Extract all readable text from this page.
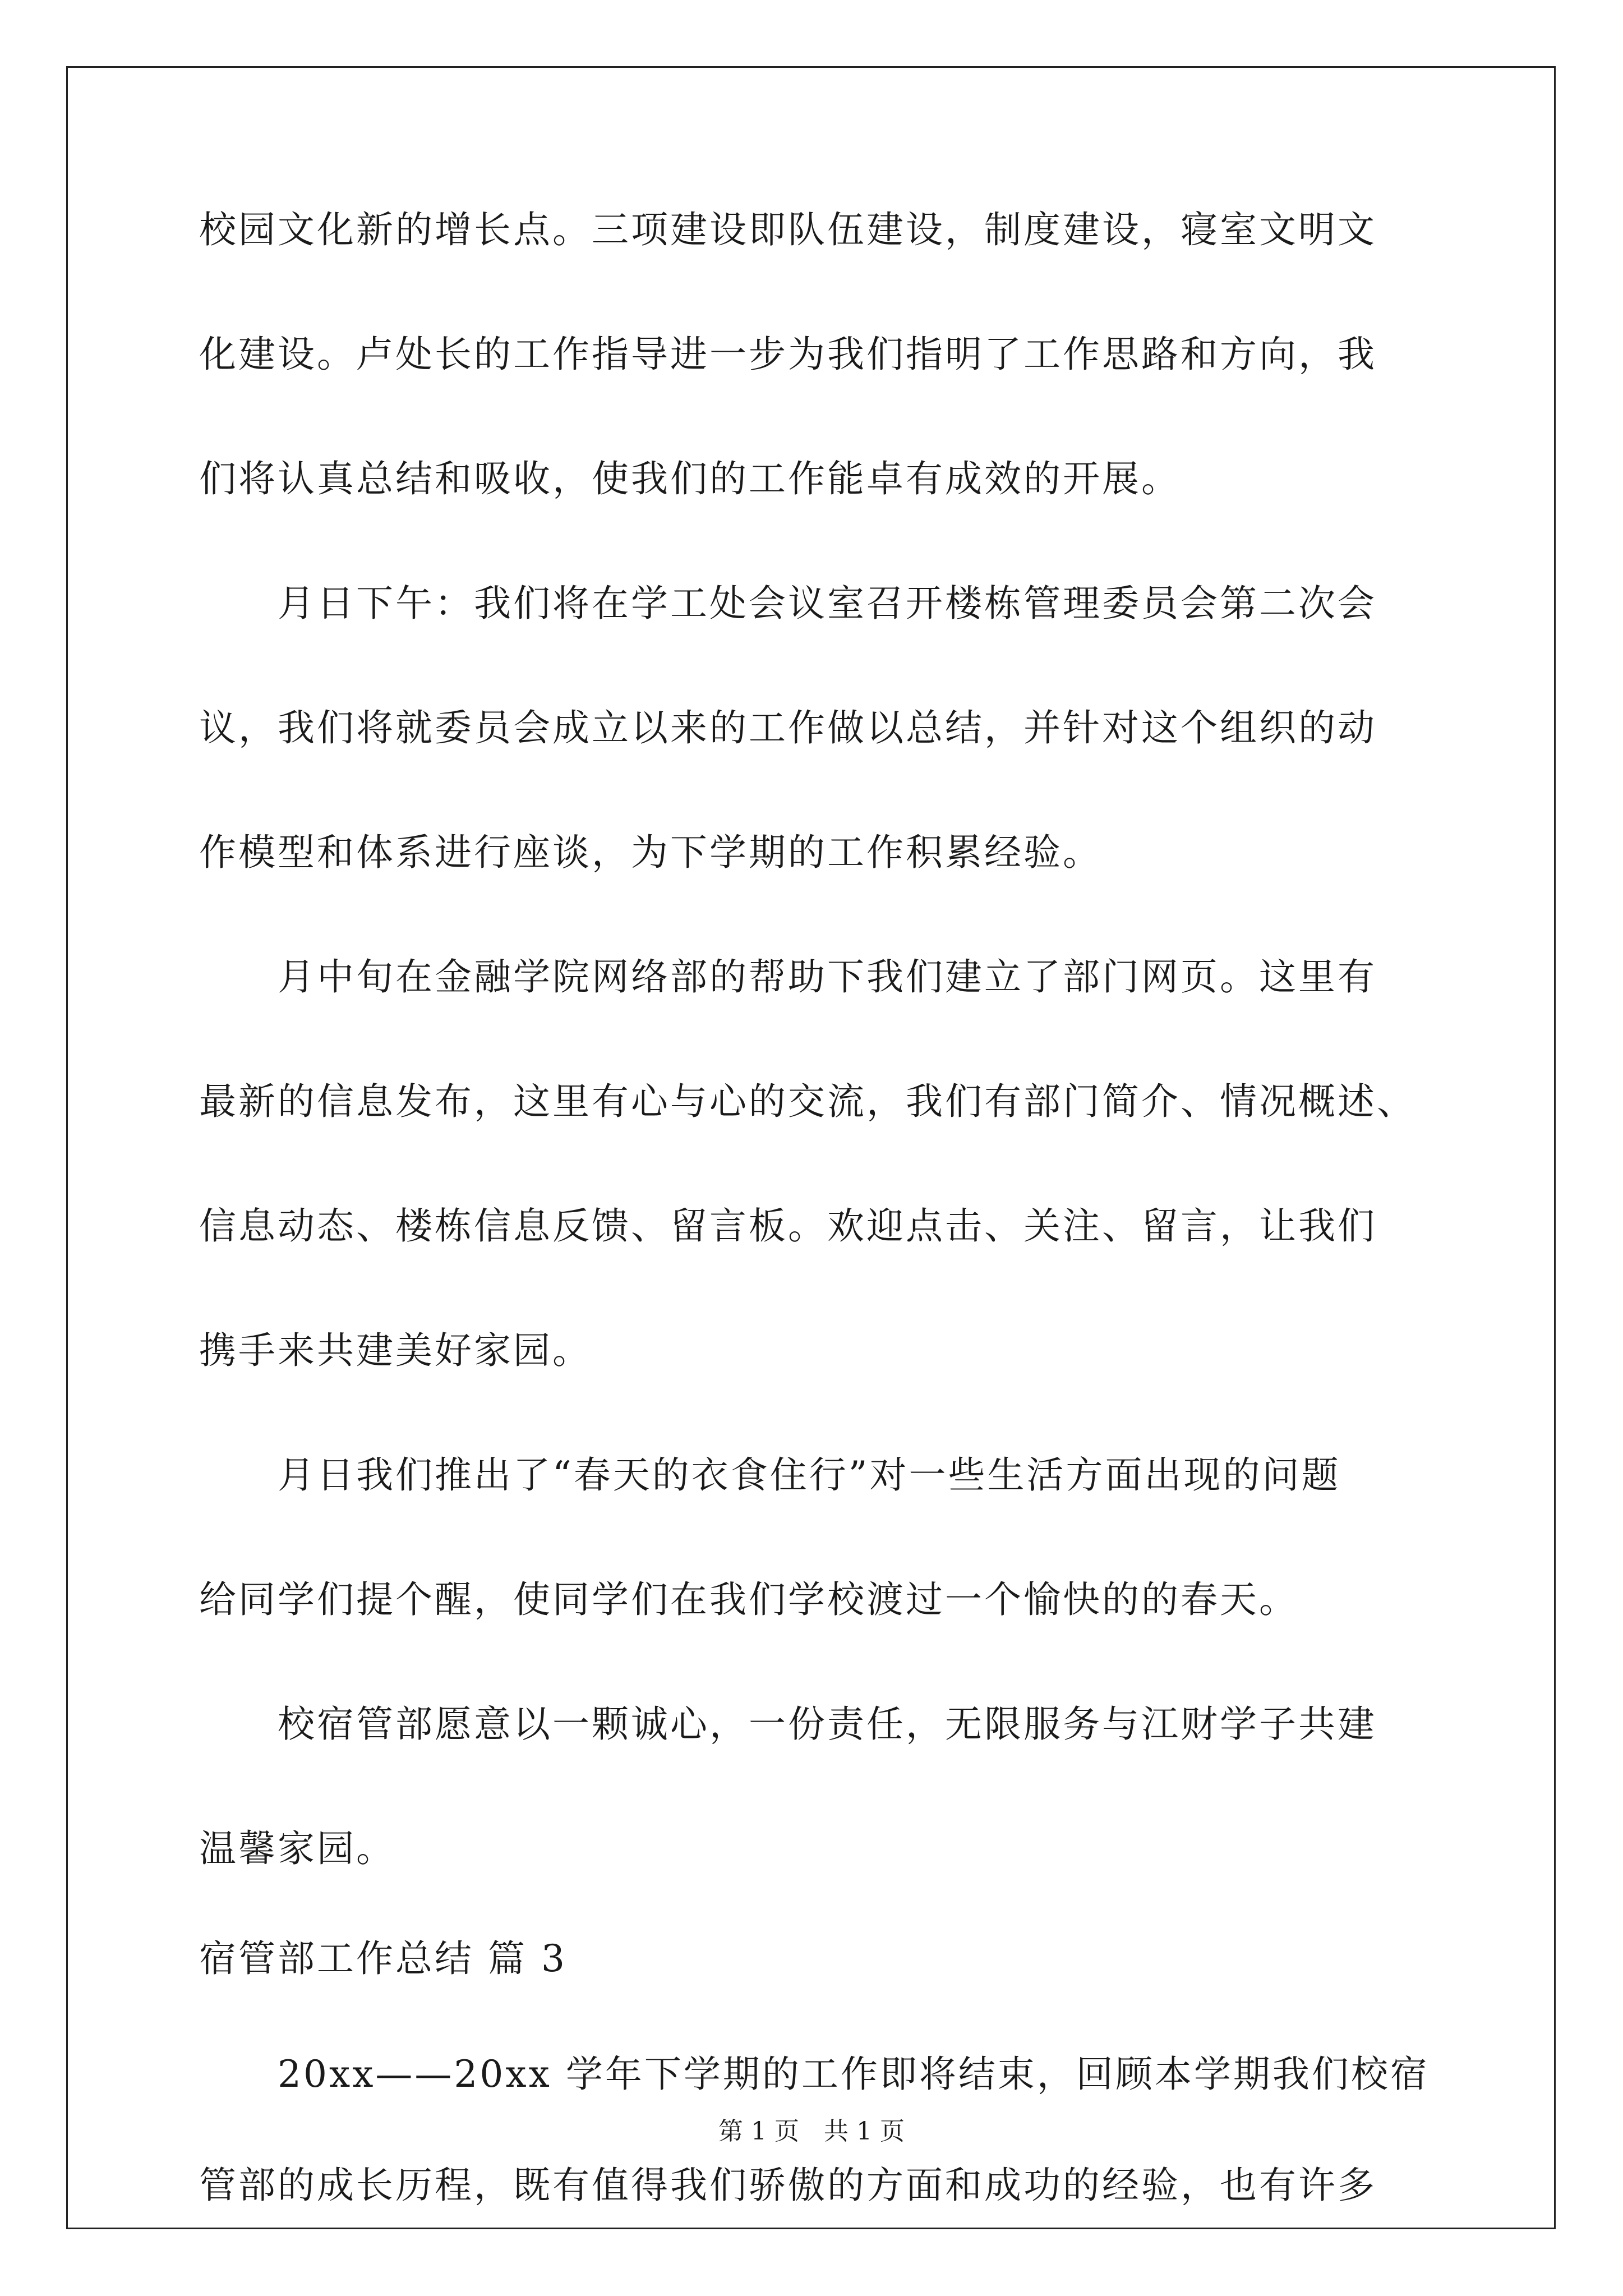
校园文化新的增长点。三项建设即队伍建设，制度建设，寝室文明文
化建设。卢处长的工作指导进一步为我们指明了工作思路和方向，我
们将认真总结和吸收，使我们的工作能卓有成效的开展。
月日下午：我们将在学工处会议室召开楼栋管理委员会第二次会
议，我们将就委员会成立以来的工作做以总结，并针对这个组织的动
作模型和体系进行座谈，为下学期的工作积累经验。
月中旬在金融学院网络部的帮助下我们建立了部门网页。这里有
最新的信息发布，这里有心与心的交流，我们有部门简介、情况概述、
信息动态、楼栋信息反馈、留言板。欢迎点击、关注、留言，让我们
携手来共建美好家园。
月日我们推出了“春天的衣食住行”对一些生活方面出现的问题
给同学们提个醒，使同学们在我们学校渡过一个愉快的的春天。
校宿管部愿意以一颗诚心，一份责任，无限服务与江财学子共建
温馨家园。
宿管部工作总结 篇 3
20xx——20xx 学年下学期的工作即将结束，回顾本学期我们校宿
管部的成长历程，既有值得我们骄傲的方面和成功的经验，也有许多
第 1 页　共 1 页
